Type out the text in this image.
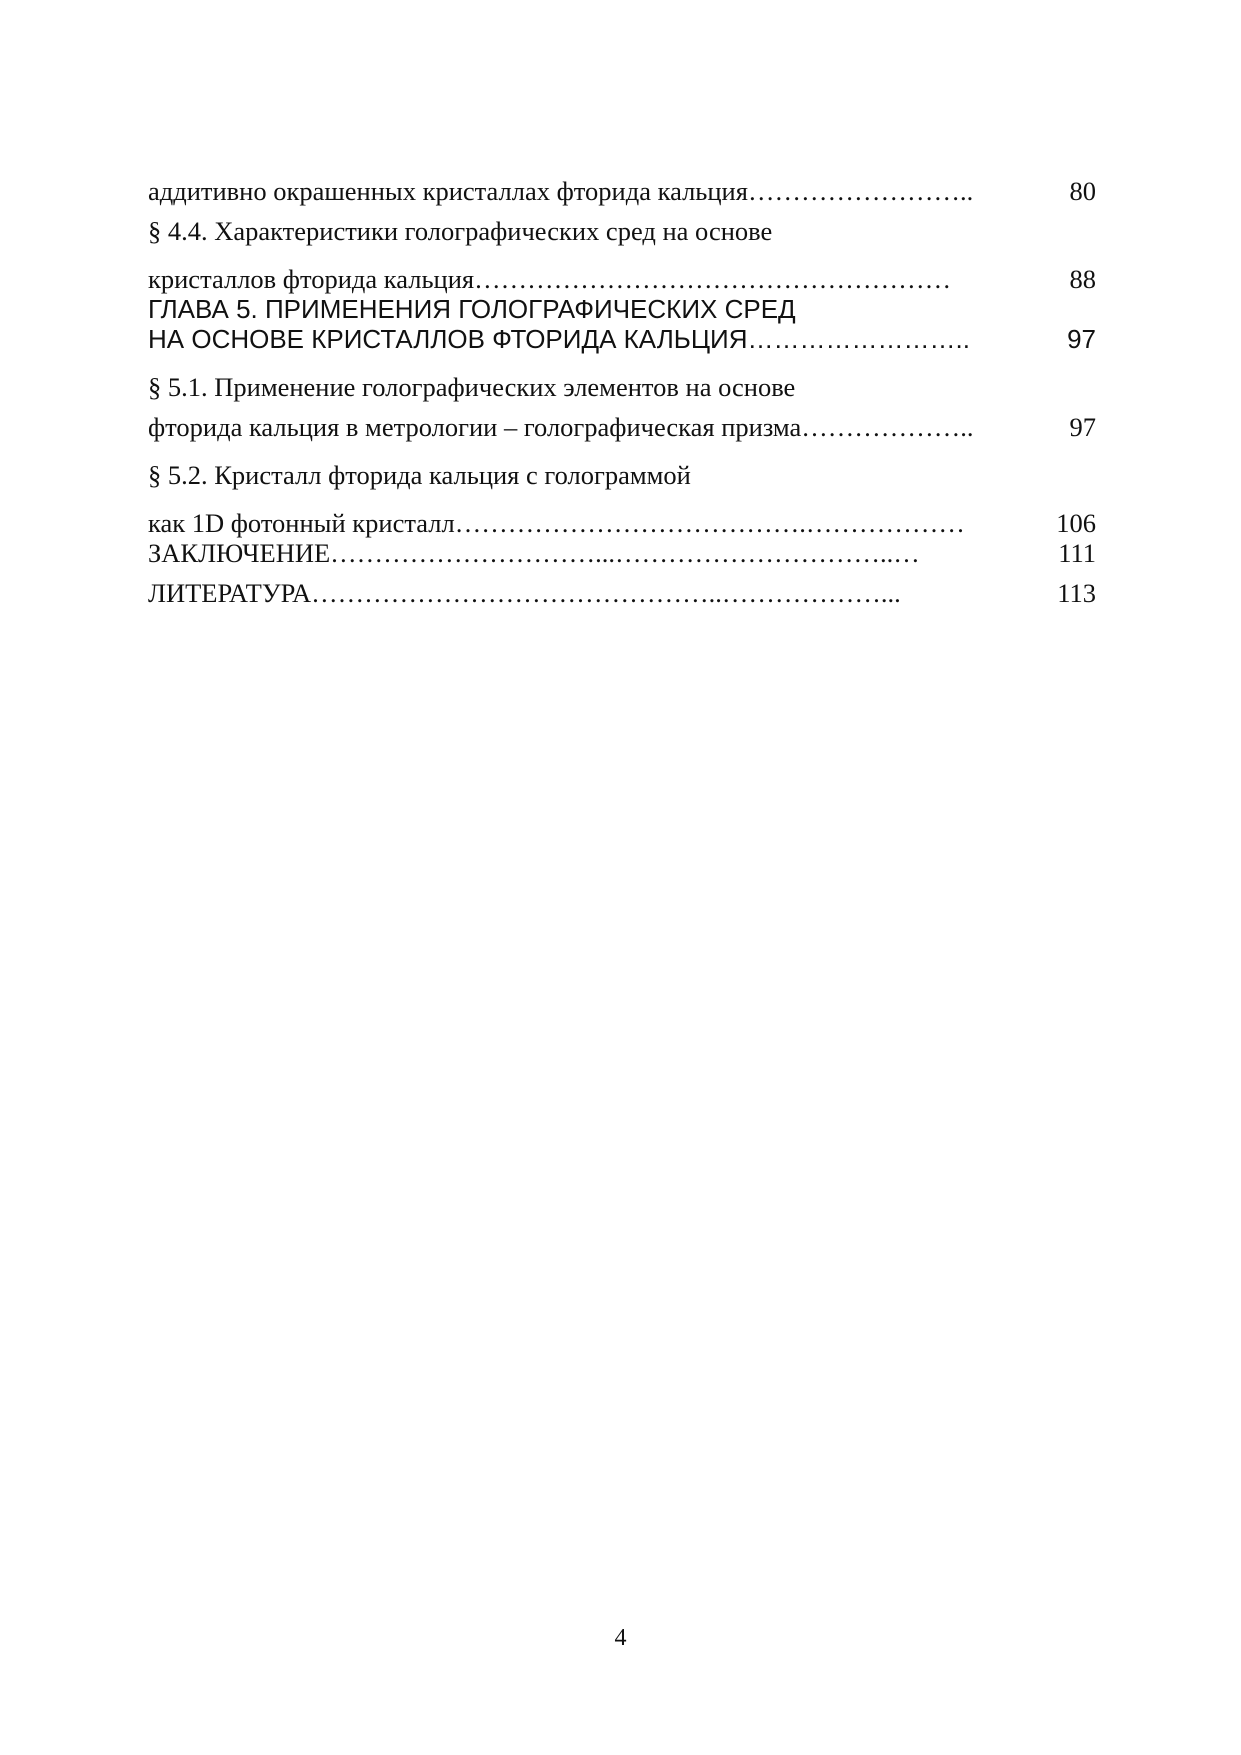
аддитивно окрашенных кристаллах фторида кальция ……………………..	80
§ 4.4. Характеристики голографических сред на основе
кристаллов фторида кальция ………………………………………………	88
ГЛАВА 5. ПРИМЕНЕНИЯ ГОЛОГРАФИЧЕСКИХ СРЕД
НА ОСНОВЕ КРИСТАЛЛОВ ФТОРИДА КАЛЬЦИЯ ……………………..	97
§ 5.1. Применение голографических элементов на основе
фторида кальция в метрологии – голографическая призма ………………..	97
§ 5.2. Кристалл фторида кальция с голограммой
как 1D фотонный кристалл ………………………………….………………	106
ЗАКЛЮЧЕНИЕ …………………………...…………………………..…	111
ЛИТЕРАТУРА ………………………………………..………………...	113
4
